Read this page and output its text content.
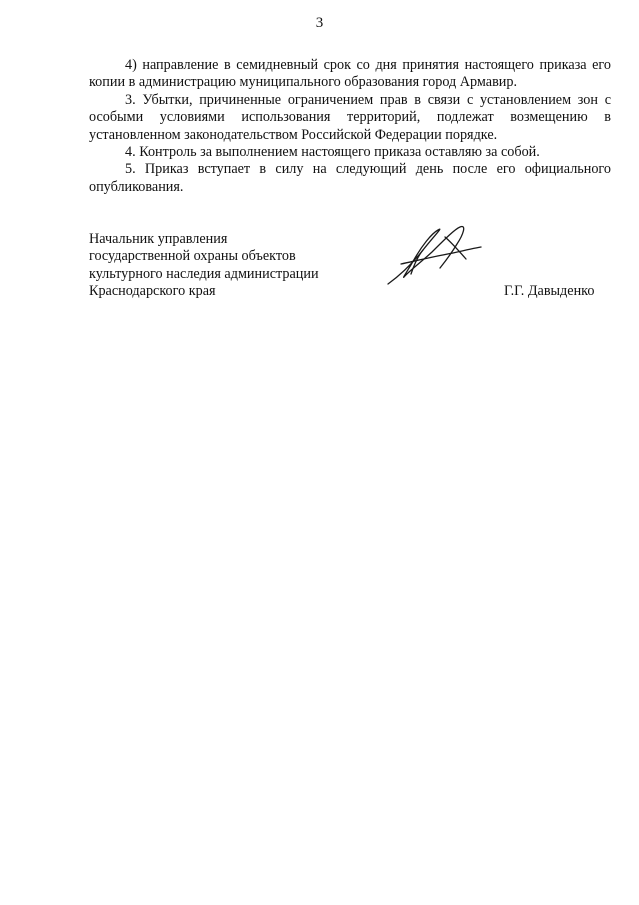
3

4) направление в семидневный срок со дня принятия настоящего приказа его копии в администрацию муниципального образования город Армавир.

3. Убытки, причиненные ограничением прав в связи с установлением зон с особыми условиями использования территорий, подлежат возмещению в установленном законодательством Российской Федерации порядке.

4. Контроль за выполнением настоящего приказа оставляю за собой.

5. Приказ вступает в силу на следующий день после его официального опубликования.

Начальник управления
государственной охраны объектов
культурного наследия администрации
Краснодарского края	Г.Г. Давыденко
